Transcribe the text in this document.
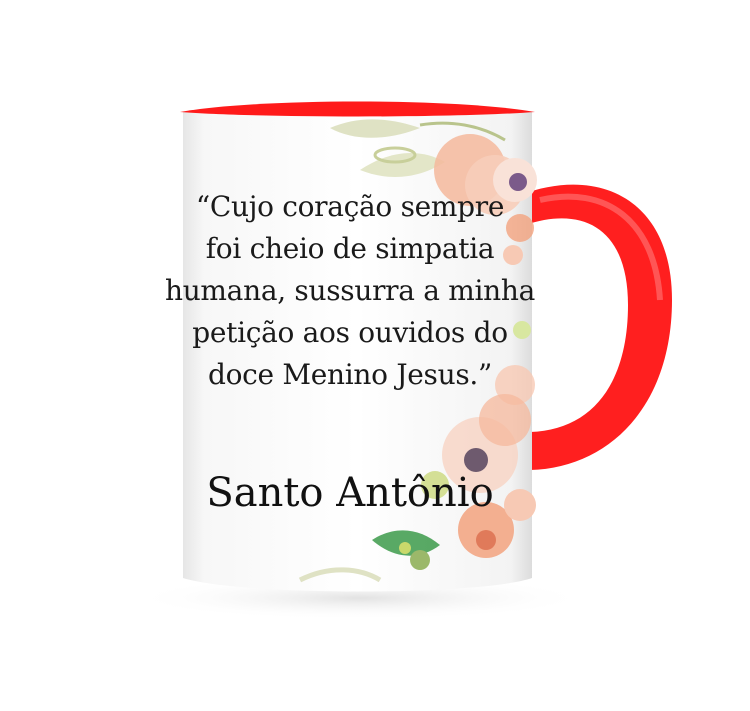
“Cujo coração sempre
foi cheio de simpatia
humana, sussurra a minha
petição aos ouvidos do
doce Menino Jesus.”
Santo Antônio
